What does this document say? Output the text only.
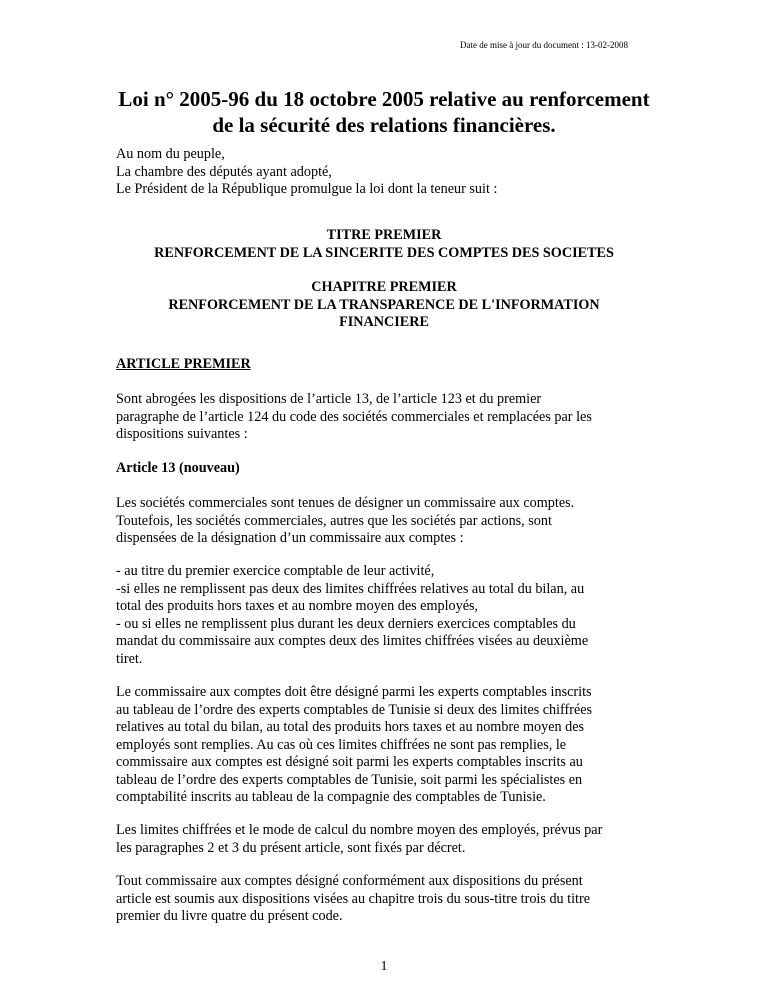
Date de mise à jour du document : 13-02-2008
Loi n° 2005-96 du 18 octobre 2005 relative au renforcement
de la sécurité des relations financières.

Au nom du peuple,

La chambre des députés ayant adopté,

Le Président de la République promulgue la loi dont la teneur suit :

TITRE PREMIER
RENFORCEMENT DE LA SINCERITE DES COMPTES DES SOCIETES
CHAPITRE PREMIER
RENFORCEMENT DE LA TRANSPARENCE DE L'INFORMATION
FINANCIERE
ARTICLE PREMIER

Sont abrogées les dispositions de l’article 13, de l’article 123 et du premier

paragraphe de l’article 124 du code des sociétés commerciales et remplacées par les

dispositions suivantes :

Article 13 (nouveau)

Les sociétés commerciales sont tenues de désigner un commissaire aux comptes.

Toutefois, les sociétés commerciales, autres que les sociétés par actions, sont

dispensées de la désignation d’un commissaire aux comptes :

- au titre du premier exercice comptable de leur activité,

-si elles ne remplissent pas deux des limites chiffrées relatives au total du bilan, au

total des produits hors taxes et au nombre moyen des employés,

- ou si elles ne remplissent plus durant les deux derniers exercices comptables du

mandat du commissaire aux comptes deux des limites chiffrées visées au deuxième

tiret.

Le commissaire aux comptes doit être désigné parmi les experts comptables inscrits

au tableau de l’ordre des experts comptables de Tunisie si deux des limites chiffrées

relatives au total du bilan, au total des produits hors taxes et au nombre moyen des

employés sont remplies. Au cas où ces limites chiffrées ne sont pas remplies, le

commissaire aux comptes est désigné soit parmi les experts comptables inscrits au

tableau de l’ordre des experts comptables de Tunisie, soit parmi les spécialistes en

comptabilité inscrits au tableau de la compagnie des comptables de Tunisie.

Les limites chiffrées et le mode de calcul du nombre moyen des employés, prévus par

les paragraphes 2 et 3 du présent article, sont fixés par décret.

Tout commissaire aux comptes désigné conformément aux dispositions du présent

article est soumis aux dispositions visées au chapitre trois du sous-titre trois du titre

premier du livre quatre du présent code.

1
